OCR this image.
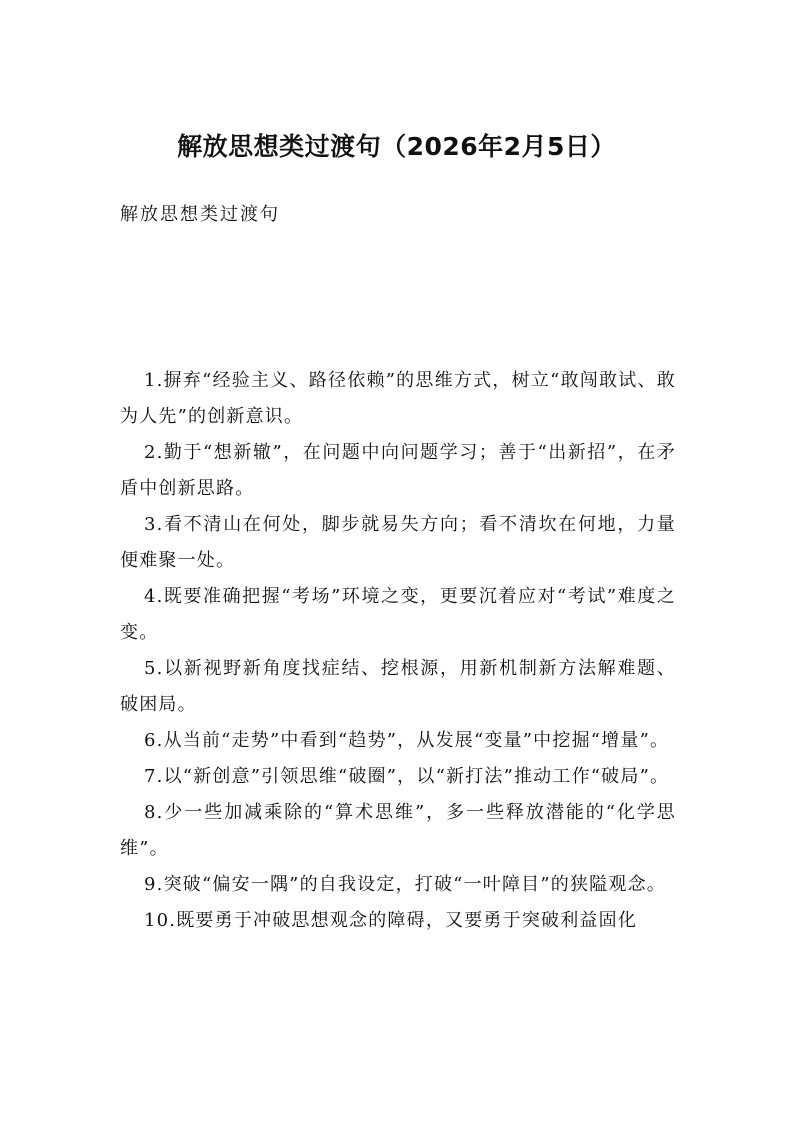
解放思想类过渡句（2026年2月5日）

解放思想类过渡句

1.摒弃“经验主义、路径依赖”的思维方式，树立“敢闯敢试、敢为人先”的创新意识。
2.勤于“想新辙”，在问题中向问题学习；善于“出新招”，在矛盾中创新思路。
3.看不清山在何处，脚步就易失方向；看不清坎在何地，力量便难聚一处。
4.既要准确把握“考场”环境之变，更要沉着应对“考试”难度之变。
5.以新视野新角度找症结、挖根源，用新机制新方法解难题、破困局。
6.从当前“走势”中看到“趋势”，从发展“变量”中挖掘“增量”。
7.以“新创意”引领思维“破圈”，以“新打法”推动工作“破局”。
8.少一些加减乘除的“算术思维”，多一些释放潜能的“化学思维”。
9.突破“偏安一隅”的自我设定，打破“一叶障目”的狭隘观念。
10.既要勇于冲破思想观念的障碍，又要勇于突破利益固化
